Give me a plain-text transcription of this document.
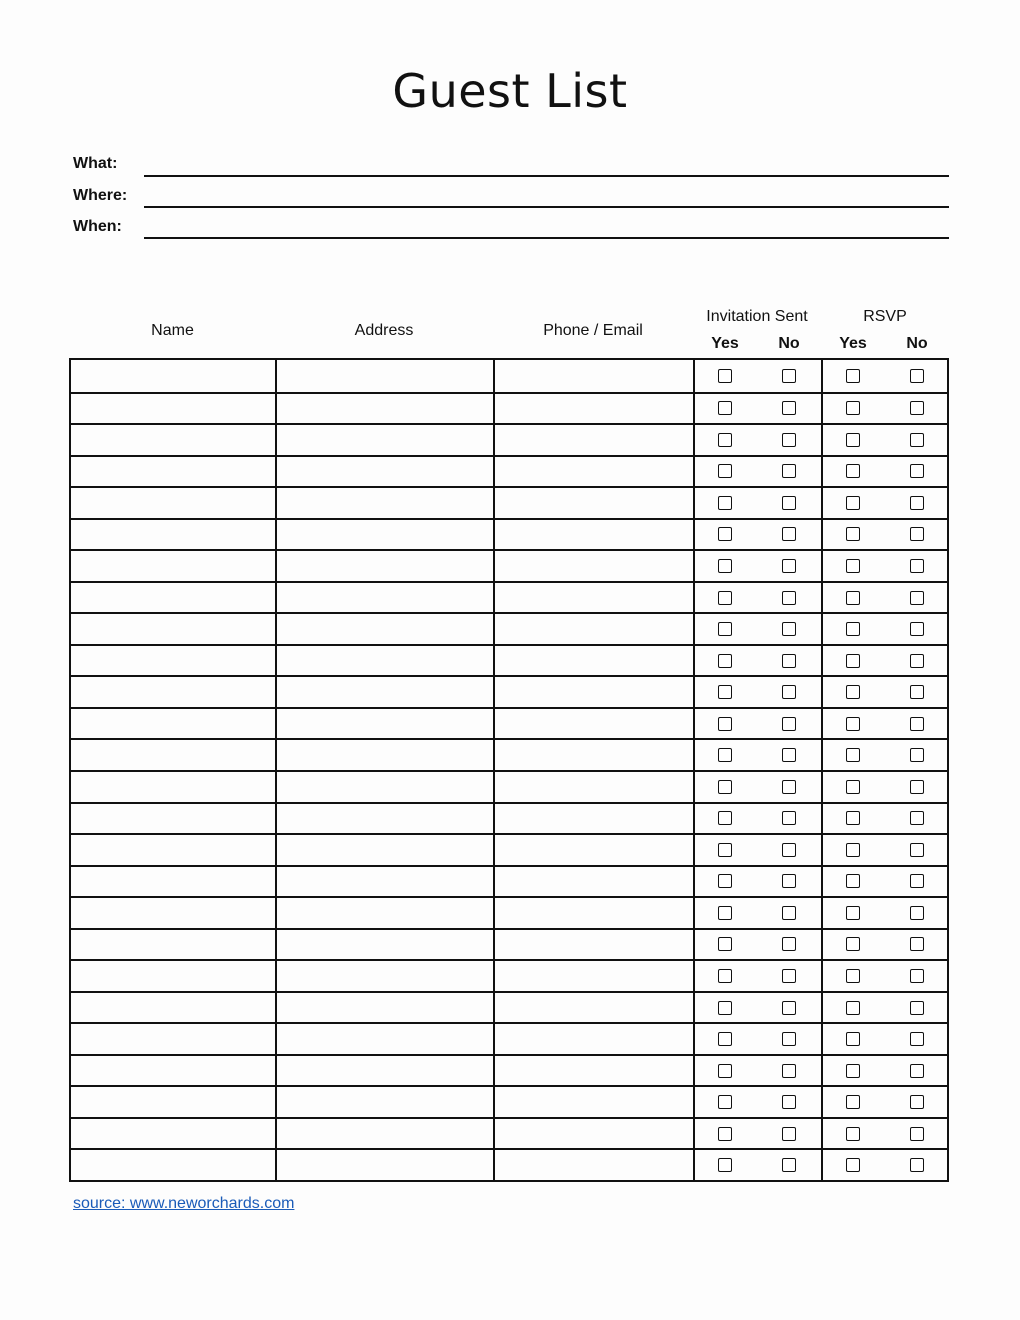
Guest List
What:
Where:
When:
Name	Address	Phone / Email
Invitation Sent	RSVP
Yes	No	Yes	No
source: www.neworchards.com
